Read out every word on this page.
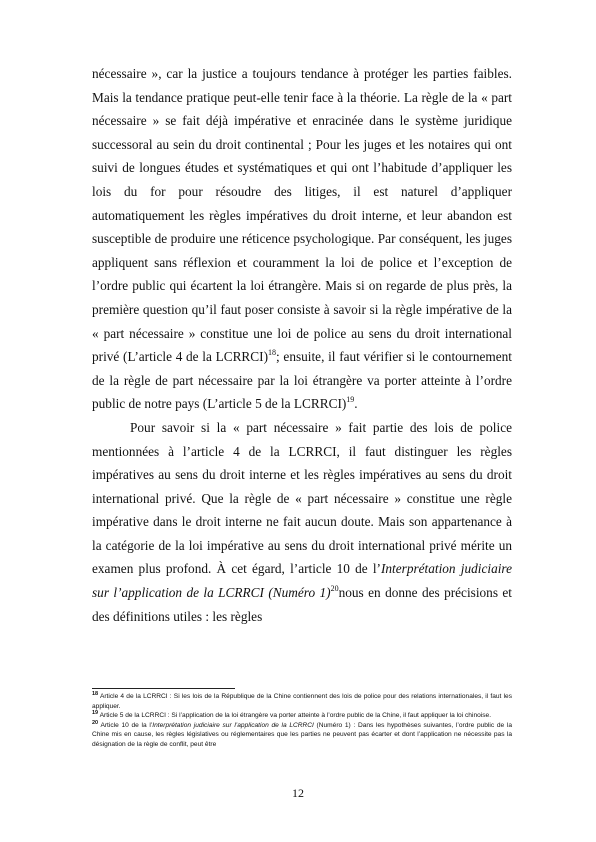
nécessaire », car la justice a toujours tendance à protéger les parties faibles. Mais la tendance pratique peut-elle tenir face à la théorie. La règle de la « part nécessaire » se fait déjà impérative et enracinée dans le système juridique successoral au sein du droit continental ; Pour les juges et les notaires qui ont suivi de longues études et systématiques et qui ont l’habitude d’appliquer les lois du for pour résoudre des litiges, il est naturel d’appliquer automatiquement les règles impératives du droit interne, et leur abandon est susceptible de produire une réticence psychologique. Par conséquent, les juges appliquent sans réflexion et couramment la loi de police et l’exception de l’ordre public qui écartent la loi étrangère. Mais si on regarde de plus près, la première question qu’il faut poser consiste à savoir si la règle impérative de la « part nécessaire » constitue une loi de police au sens du droit international privé (L’article 4 de la LCRRCI)$^{18}$; ensuite, il faut vérifier si le contournement de la règle de part nécessaire par la loi étrangère va porter atteinte à l’ordre public de notre pays (L’article 5 de la LCRRCI)$^{19}$.

Pour savoir si la « part nécessaire » fait partie des lois de police mentionnées à l’article 4 de la LCRRCI, il faut distinguer les règles impératives au sens du droit interne et les règles impératives au sens du droit international privé. Que la règle de « part nécessaire » constitue une règle impérative dans le droit interne ne fait aucun doute. Mais son appartenance à la catégorie de la loi impérative au sens du droit international privé mérite un examen plus profond. À cet égard, l’article 10 de l’Interprétation judiciaire sur l’application de la LCRRCI (Numéro 1)$^{20}$nous en donne des précisions et des définitions utiles : les règles

$^{18}$ Article 4 de la LCRRCI : Si les lois de la République de la Chine contiennent des lois de police pour des relations internationales, il faut les appliquer.

$^{19}$ Article 5 de la LCRRCI : Si l’application de la loi étrangère va porter atteinte à l’ordre public de la Chine, il faut appliquer la loi chinoise.

$^{20}$ Article 10 de la l’Interprétation judiciaire sur l’application de la LCRRCI (Numéro 1) : Dans les hypothèses suivantes, l’ordre public de la Chine mis en cause, les règles législatives ou réglementaires que les parties ne peuvent pas écarter et dont l’application ne nécessite pas la désignation de la règle de conflit, peut être

12
